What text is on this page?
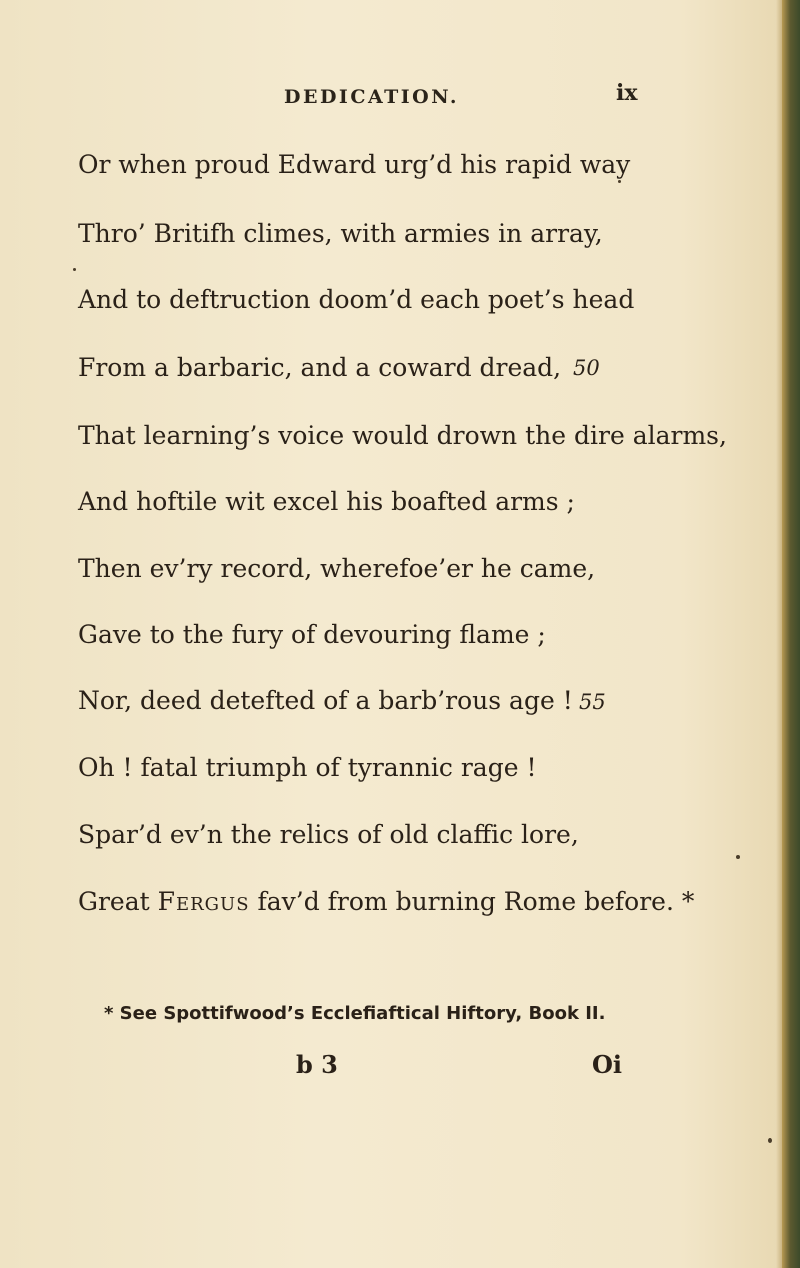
DEDICATION.	ix
Or when proud Edward urg’d his rapid way
Thro’ Britifh climes, with armies in array,
And to deftruction doom’d each poet’s head
From a barbaric, and a coward dread, 50
That learning’s voice would drown the dire alarms,
And hoftile wit excel his boafted arms ;
Then ev’ry record, wherefoe’er he came,
Gave to the fury of devouring flame ;
Nor, deed detefted of a barb’rous age ! 55
Oh ! fatal triumph of tyrannic rage !
Spar’d ev’n the relics of old claffic lore,
Great Fergus fav’d from burning Rome before. *
* See Spottifwood’s Ecclefiaftical Hiftory, Book II.
b 3	Oi
